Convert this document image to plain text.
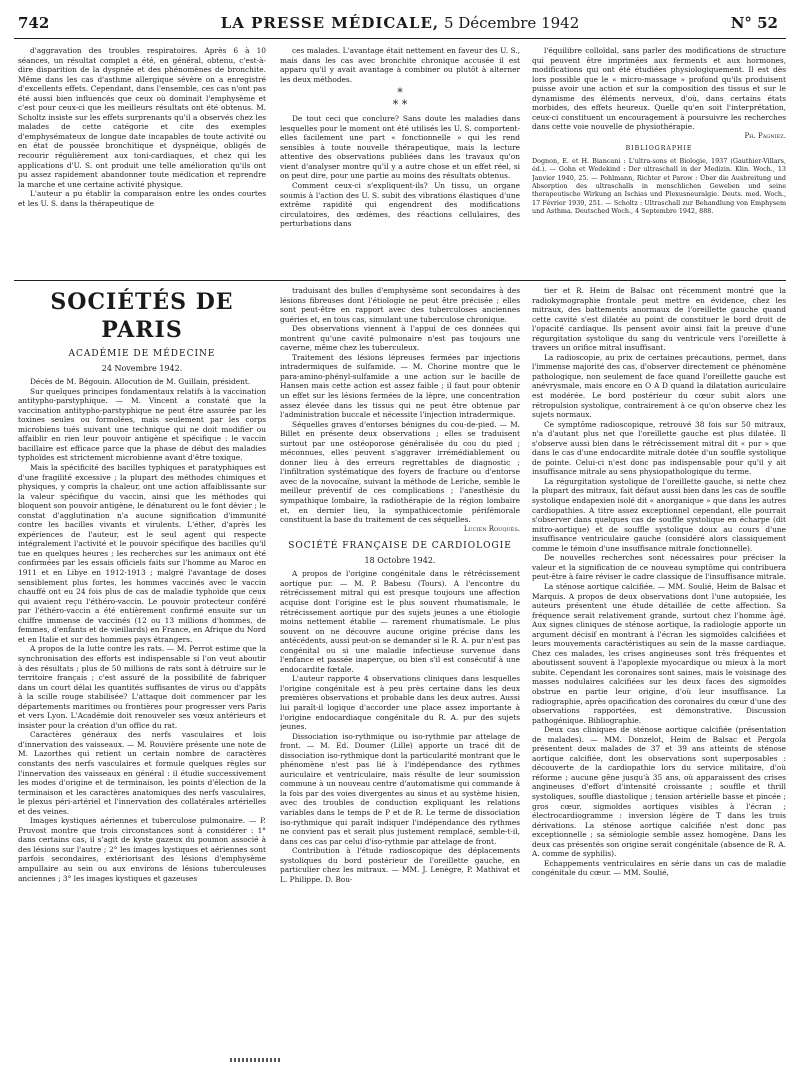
742	LA PRESSE MÉDICALE, 5 Décembre 1942	N° 52

d'aggravation des troubles respiratoires. Après 6 à 10 séances, un résultat complet a été, en général, obtenu, c'est-à-dire disparition de la dyspnée et des phénomènes de bronchite. Même dans les cas d'asthme allergique sévère on a enregistré d'excellents effets. Cependant, dans l'ensemble, ces cas n'ont pas été aussi bien influencés que ceux où dominait l'emphysème et c'est pour ceux-ci que les meilleurs résultats ont été obtenus. M. Scholtz insiste sur les effets surprenants qu'il a observés chez les malades de cette catégorie et cite des exemples d'emphysémateux de longue date incapables de toute activité ou en état de poussée bronchitique et dyspnéique, obligés de recourir régulièrement aux toni-cardiaques, et chez qui les applications d'U. S. ont produit une telle amélioration qu'ils ont pu assez rapidement abandonner toute médication et reprendre la marche et une certaine activité physique.

L'auteur a pu établir la comparaison entre les ondes courtes et les U. S. dans la thérapeutique de

ces malades. L'avantage était nettement en faveur des U. S., mais dans les cas avec bronchite chronique accusée il est apparu qu'il y avait avantage à combiner ou plutôt à alterner les deux méthodes.

*
* *

De tout ceci que conclure? Sans doute les maladies dans lesquelles pour le moment ont été utilisés les U. S. comportent-elles facilement une part « fonctionnelle » qui les rend sensibles à toute nouvelle thérapeutique, mais la lecture attentive des observations publiées dans les travaux qu'on vient d'analyser montre qu'il y a autre chose et un effet réel, si on peut dire, pour une partie au moins des résultats obtenus.

Comment ceux-ci s'expliquent-ils? Un tissu, un organe soumis à l'action des U. S. subit des vibrations élastiques d'une extrême rapidité qui engendrent des modifications circulatoires, des œdèmes, des réactions cellulaires, des perturbations dans

l'équilibre colloïdal, sans parler des modifications de structure qui peuvent être imprimées aux ferments et aux hormones, modifications qui ont été étudiées physiologiquement. Il est dès lors possible que le « micro-massage » profond qu'ils produisent puisse avoir une action et sur la composition des tissus et sur le dynamisme des éléments nerveux, d'où, dans certains états morbides, des effets heureux. Quelle qu'en soit l'interprétation, ceux-ci constituent un encouragement à poursuivre les recherches dans cette voie nouvelle de physiothérapie.

Ph. Pagniez.
BIBLIOGRAPHIE

Dognon, E. et H. Biancani : L'ultra-sons et Biologie, 1937 (Gauthier-Villars, éd.). — Gohn et Wedekind : Der ultraschall in der Medizin. Klin. Woch., 13 Janvier 1940, 25. — Pohlmann, Richter et Parow : Über die Ausbreitung und Absorption des ultraschalls in menschlichen Geweben und seine therapeutische Wirkung an Ischias und Plexusneuralgie. Deuts. med. Woch., 17 Février 1939, 251. — Scholtz : Ultraschall zur Behandlung von Emphysem und Asthma. Deutsched Woch., 4 Septembre 1942, 888.

SOCIÉTÉS DE PARIS
ACADÉMIE DE MÉDECINE
24 Novembre 1942.

Décès de M. Bégouin. Allocution de M. Guillain, président.

Sur quelques principes fondamentaux relatifs à la vaccination antitypho-parstyphique. — M. Vincent a constaté que la vaccination antitypho-parstyphique ne peut être assurée par les toxines seules ou formolées, mais seulement par les corps microbiens tués suivant une technique qui ne doit modifier ou affaiblir en rien leur pouvoir antigène et spécifique : le vaccin bacillaire est efficace parce que la phase de début des maladies typhoïdes est strictement microbienne avant d'être toxique.

Mais la spécificité des bacilles typhiques et paratyphiques est d'une fragilité excessive ; la plupart des méthodes chimiques et physiques, y compris la chaleur, ont une action affaiblissante sur la valeur spécifique du vaccin, ainsi que les méthodes qui bloquent son pouvoir antigène, le dénaturent ou le font dévier ; le constat d'agglutination n'a aucune signification d'immunité contre les bacilles vivants et virulents. L'éther, d'après les expériences de l'auteur, est le seul agent qui respecte intégralement l'activité et le pouvoir spécifique des bacilles qu'il tue en quelques heures ; les recherches sur les animaux ont été confirmées par les essais officiels faits sur l'homme au Maroc en 1911 et en Libye en 1912-1913 ; malgré l'avantage de doses sensiblement plus fortes, les hommes vaccinés avec le vaccin chauffé ont eu 24 fois plus de cas de maladie typhoïde que ceux qui avaient reçu l'éthéro-vaccin. Le pouvoir protecteur conféré par l'éthéro-vaccin a été entièrement confirmé ensuite sur un chiffre immense de vaccinés (12 ou 13 millions d'hommes, de femmes, d'enfants et de vieillards) en France, en Afrique du Nord et en Italie et sur des hommes pays étrangers.

A propos de la lutte contre les rats. — M. Perrot estime que la synchronisation des efforts est indispensable si l'on veut aboutir à des résultats ; plus de 50 millions de rats sont à détruire sur le territoire français ; c'est assuré de la possibilité de fabriquer dans un court délai les quantités suffisantes de virus ou d'appâts à la scille rouge stabilisée? L'attaque doit commencer par les départements maritimes ou frontières pour progresser vers Paris et vers Lyon. L'Académie doit renouveler ses vœux antérieurs et insister pour la création d'un office du rat.

Caractères généraux des nerfs vasculaires et lois d'innervation des vaisseaux. — M. Rouvière présente une note de M. Lazorthes qui retient un certain nombre de caractères constants des nerfs vasculaires et formule quelques règles sur l'innervation des vaisseaux en général : il étudie successivement les modes d'origine et de terminaison, les points d'élection de la terminaison et les caractères anatomiques des nerfs vasculaires, le plexus péri-artériel et l'innervation des collatérales artérielles et des veines.

Images kystiques aériennes et tuberculose pulmonaire. — P. Pruvost montre que trois circonstances sont à considérer : 1° dans certains cas, il s'agit de kyste gazeux du poumon associé à des lésions sur l'autre ; 2° les images kystiques et aériennes sont parfois secondaires, extériorisant des lésions d'emphysème ampullaire au sein ou aux environs de lésions tuberculeuses anciennes ; 3° les images kystiques et gazeuses

traduisant des bulles d'emphysème sont secondaires à des lésions fibreuses dont l'étiologie ne peut être précisée ; elles sont peut-être en rapport avec des tuberculoses anciennes guéries et, en tous cas, simulant une tuberculose chronique.

Des observations viennent à l'appui de ces données qui montrent qu'une cavité pulmonaire n'est pas toujours une caverne, même chez les tuberculeux.

Traitement des lésions lépreuses fermées par injections intradermiques de sulfamide. — M. Chorine montre que le para-amino-phényl-sulfamide a une action sur le bacille de Hansen mais cette action est assez faible ; il faut pour obtenir un effet sur les lésions fermées de la lèpre, une concentration assez élevée dans les tissus qui ne peut être obtenue par l'administration buccale et nécessite l'injection intradermique.

Séquelles graves d'entorses bénignes du cou-de-pied. — M. Billet en présente deux observations ; elles se traduisent surtout par une ostéoporose généralisée du cou du pied ; méconnues, elles peuvent s'aggraver irrémédiablement ou donner lieu à des erreurs regrettables de diagnostic ; l'infiltration systématique des foyers de fracture ou d'entorse avec de la novocaïne, suivant la méthode de Leriche, semble le meilleur préventif de ces complications ; l'anesthésie du sympathique lombaire, la radiothérapie de la région lombaire et, en dernier lieu, la sympathicectomie périfémorale constituent la base du traitement de ces séquelles.

Lucien Rouquès.
SOCIÉTÉ FRANÇAISE DE CARDIOLOGIE
18 Octobre 1942.

A propos de l'origine congénitale dans le rétrécissement aortique pur. — M. P. Babesu (Tours). A l'encontre du rétrécissement mitral qui est presque toujours une affection acquise dont l'origine est le plus souvent rhumatismale, le rétrécissement aortique pur des sujets jeunes a une étiologie moins nettement établie — rarement rhumatismale. Le plus souvent on ne découvre aucune origine précise dans les antécédents, aussi peut-on se demander si le R. A. pur n'est pas congénital ou si une maladie infectieuse survenue dans l'enfance et passée inaperçue, ou bien s'il est consécutif à une endocardite fœtale.

L'auteur rapporte 4 observations cliniques dans lesquelles l'origine congénitale est à peu près certaine dans les deux premières observations et probable dans les deux autres. Aussi lui paraît-il logique d'accorder une place assez importante à l'origine endocardiaque congénitale du R. A. pur des sujets jeunes.

Dissociation iso-rythmique ou iso-rythmie par attelage de front. — M. Ed. Doumer (Lille) apporte un tracé dit de dissociation iso-rythmique dont la particularité montrant que le phénomène n'est pas lié à l'indépendance des rythmes auriculaire et ventriculaire, mais résulte de leur soumission commune à un nouveau centre d'automatisme qui commande à la fois par des voies divergentes au sinus et au système hisien, avec des troubles de conduction expliquant les relations variables dans le temps de P et de R. Le terme de dissociation iso-rythmique qui paraît indiquer l'indépendance des rythmes ne convient pas et serait plus justement remplacé, semble-t-il, dans ces cas par celui d'iso-rythmie par attelage de front.

Contribution à l'étude radioscopique des déplacements systoliques du bord postérieur de l'oreillette gauche, en particulier chez les mitraux. — MM. J. Lenègre, P. Mathivat et L. Philippe. D. Bou-

tier et R. Heim de Balsac ont récemment montré que la radiokymographie frontale peut mettre en évidence, chez les mitraux, des battements anormaux de l'oreillette gauche quand cette cavité s'est dilatée au point de constituer le bord droit de l'opacité cardiaque. Ils pensent avoir ainsi fait la preuve d'une régurgitation systolique du sang du ventricule vers l'oreillette à travers un orifice mitral insuffisant.

La radioscopie, au prix de certaines précautions, permet, dans l'immense majorité des cas, d'observer directement ce phénomène pathologique, non seulement de face quand l'oreillette gauche est anévrysmale, mais encore en O A D quand la dilatation auriculaire est modérée. Le bord postérieur du cœur subit alors une rétropulsion systolique, contrairement à ce qu'on observe chez les sujets normaux.

Ce symptôme radioscopique, retrouvé 38 fois sur 50 mitraux, n'a d'autant plus net que l'oreillette gauche est plus dilatée. Il s'observe aussi bien dans le rétrécissement mitral dit « pur » que dans le cas d'une endocardite mitrale dotée d'un souffle systolique de pointe. Celui-ci n'est donc pas indispensable pour qu'il y ait insuffisance mitrale au sens physiopathologique du terme.

La régurgitation systolique de l'oreillette gauche, si nette chez la plupart des mitraux, fait défaut aussi bien dans les cas de souffle systolique endapexien isolé dit « anorganique » que dans les autres cardiopathies. A titre assez exceptionnel cependant, elle pourrait s'observer dans quelques cas de souffle systolique en écharpe (dit mitro-aortique) et de souffle systolique doux au cours d'une insuffisance ventriculaire gauche (considéré alors classiquement comme le témoin d'une insuffisance mitrale fonctionnelle).

De nouvelles recherches sont nécessaires pour préciser la valeur et la signification de ce nouveau symptôme qui contribuera peut-être à faire réviser le cadre classique de l'insuffisance mitrale.

La sténose aortique calcifiée. — MM. Soulié, Heim de Balsac et Marquis. A propos de deux observations dont l'une autopsiée, les auteurs présentent une étude détaillée de cette affection. Sa fréquence serait relativement grande, surtout chez l'homme âgé. Aux signes cliniques de sténose aortique, la radiologie apporte un argument décisif en montrant à l'écran les sigmoïdes calcifiées et leurs mouvements caractéristiques au sein de la masse cardiaque. Chez ces malades, les crises angineuses sont très fréquentes et aboutissent souvent à l'apoplexie myocardique ou mieux à la mort subite. Cependant les coronaires sont saines, mais le voisinage des masses nodulaires calcifiées sur les deux faces des sigmoïdes obstrue en partie leur origine, d'où leur insuffisance. La radiographie, après opacification des coronaires du cœur d'une des observations rapportées, est démonstrative. Discussion pathogénique. Bibliographie.

Deux cas cliniques de sténose aortique calcifiée (présentation de malades). — MM. Donzelot, Heim de Balsac et Pergola présentent deux malades de 37 et 39 ans atteints de sténose aortique calcifiée, dont les observations sont superposables : découverte de la cardiopathie lors du service militaire, d'où réforme ; aucune gêne jusqu'à 35 ans, où apparaissent des crises angineuses d'effort d'intensité croissante ; souffle et thrill systoliques, souffle diastolique ; tension artérielle basse et pincée ; gros cœur, sigmoïdes aortiques visibles à l'écran ; électrocardiogramme : inversion légère de T dans les trois dérivations. La sténose aortique calcifiée n'est donc pas exceptionnelle ; sa sémiologie semble assez homogène. Dans les deux cas présentés son origine serait congénitale (absence de R. A. A. comme de syphilis).

Echappements ventriculaires en série dans un cas de maladie congénitale du cœur. — MM. Soulié,
